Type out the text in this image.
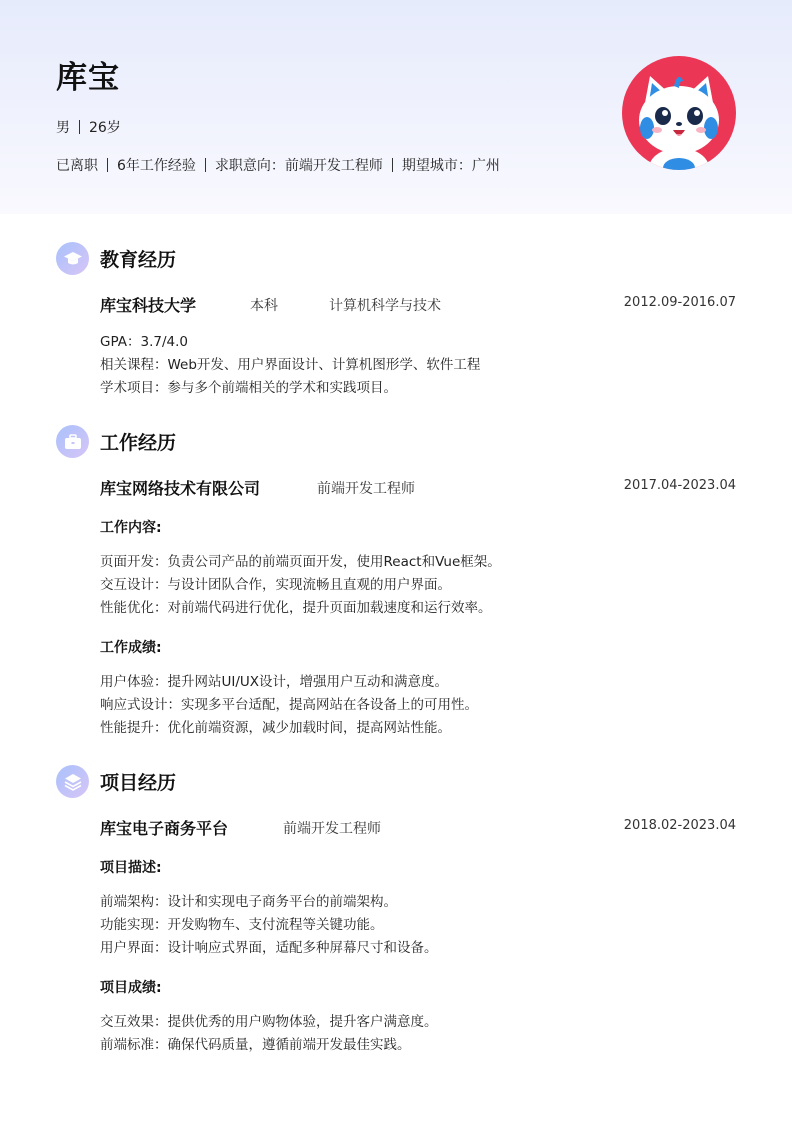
库宝
男 26岁
已离职 6年工作经验 求职意向：前端开发工程师 期望城市：广州
教育经历
库宝科技大学	本科	计算机科学与技术	2012.09-2016.07
GPA：3.7/4.0
相关课程：Web开发、用户界面设计、计算机图形学、软件工程
学术项目：参与多个前端相关的学术和实践项目。
工作经历
库宝网络技术有限公司	前端开发工程师	2017.04-2023.04
工作内容:
页面开发：负责公司产品的前端页面开发，使用React和Vue框架。
交互设计：与设计团队合作，实现流畅且直观的用户界面。
性能优化：对前端代码进行优化，提升页面加载速度和运行效率。
工作成绩:
用户体验：提升网站UI/UX设计，增强用户互动和满意度。
响应式设计：实现多平台适配，提高网站在各设备上的可用性。
性能提升：优化前端资源，减少加载时间，提高网站性能。
项目经历
库宝电子商务平台	前端开发工程师	2018.02-2023.04
项目描述:
前端架构：设计和实现电子商务平台的前端架构。
功能实现：开发购物车、支付流程等关键功能。
用户界面：设计响应式界面，适配多种屏幕尺寸和设备。
项目成绩:
交互效果：提供优秀的用户购物体验，提升客户满意度。
前端标准：确保代码质量，遵循前端开发最佳实践。
